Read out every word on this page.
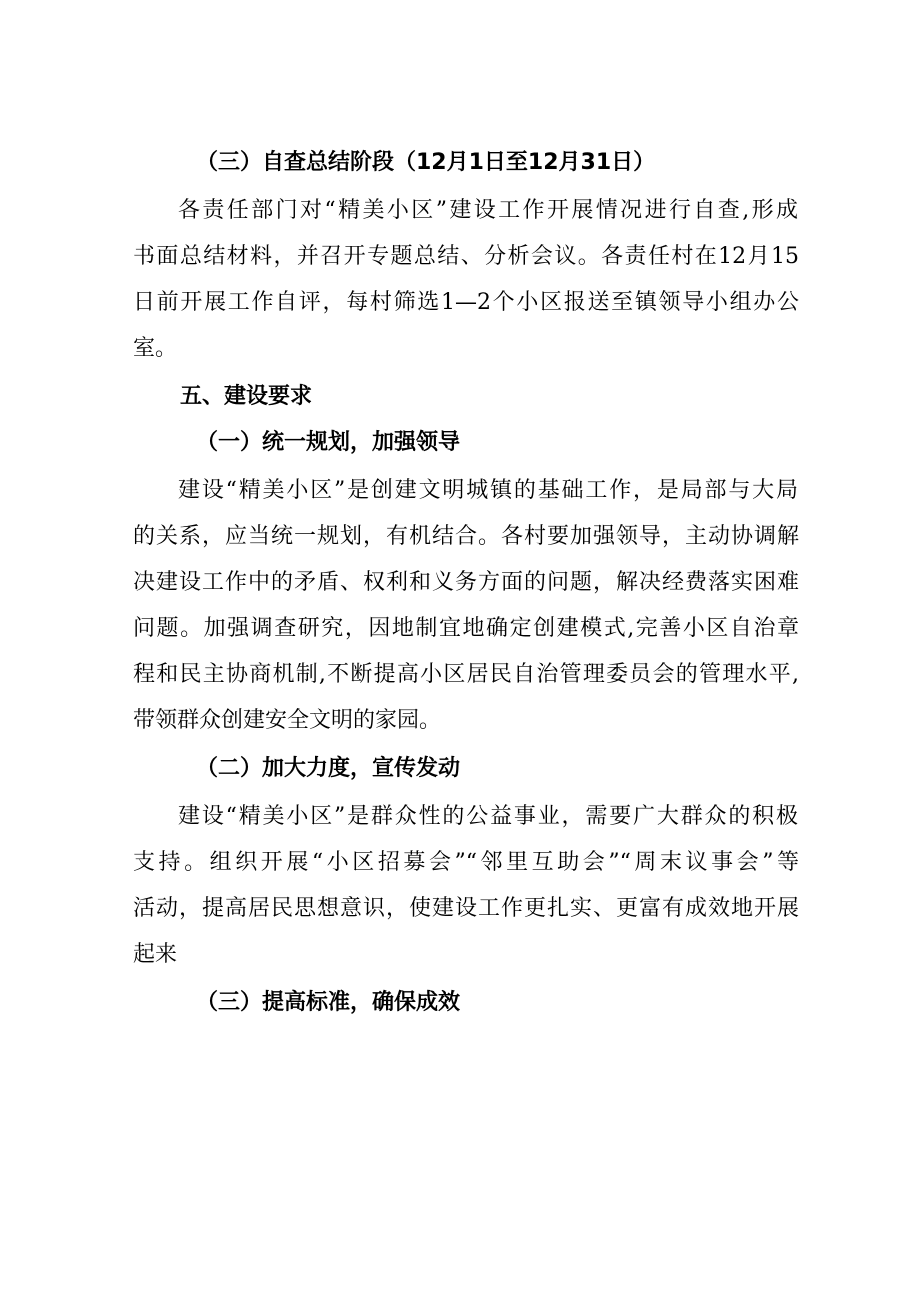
（三）自查总结阶段（12月1日至12月31日）

各责任部门对“精美小区”建设工作开展情况进行自查,形成

书面总结材料，并召开专题总结、分析会议。各责任村在12月15

日前开展工作自评，每村筛选1—2个小区报送至镇领导小组办公

室。

五、建设要求

（一）统一规划，加强领导

建设“精美小区”是创建文明城镇的基础工作，是局部与大局

的关系，应当统一规划，有机结合。各村要加强领导，主动协调解

决建设工作中的矛盾、权利和义务方面的问题，解决经费落实困难

问题。加强调查研究，因地制宜地确定创建模式,完善小区自治章

程和民主协商机制,不断提高小区居民自治管理委员会的管理水平,

带领群众创建安全文明的家园。

（二）加大力度，宣传发动

建设“精美小区”是群众性的公益事业，需要广大群众的积极

支持。组织开展“小区招募会”“邻里互助会”“周末议事会”等

活动，提高居民思想意识，使建设工作更扎实、更富有成效地开展

起来

（三）提高标准，确保成效
